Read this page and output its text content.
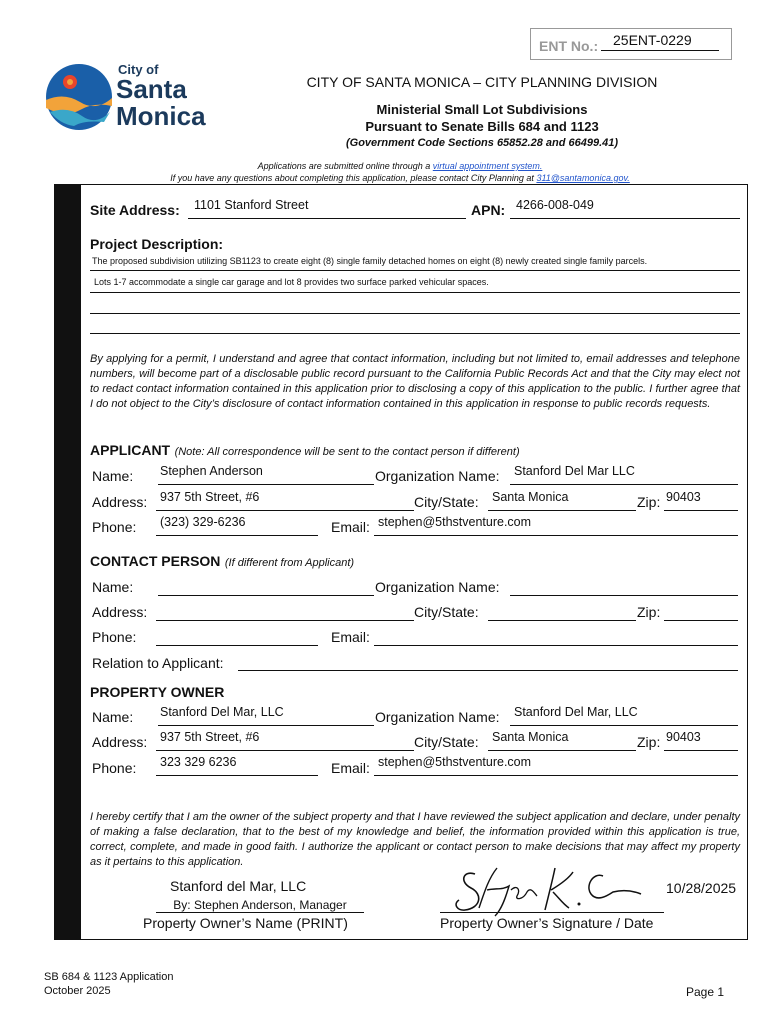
ENT No.: 25ENT-0229
City of
Santa
Monica
CITY OF SANTA MONICA – CITY PLANNING DIVISION
Ministerial Small Lot Subdivisions
Pursuant to Senate Bills 684 and 1123
(Government Code Sections 65852.28 and 66499.41)
Applications are submitted online through a virtual appointment system.
If you have any questions about completing this application, please contact City Planning at 311@santamonica.gov.
GENERAL INFORMATION
Site Address: 1101 Stanford Street	APN: 4266-008-049
Project Description:
The proposed subdivision utilizing SB1123 to create eight (8) single family detached homes on eight (8) newly created single family parcels.
Lots 1-7 accommodate a single car garage and lot 8 provides two surface parked vehicular spaces.
By applying for a permit, I understand and agree that contact information, including but not limited to, email addresses and telephone numbers, will become part of a disclosable public record pursuant to the California Public Records Act and that the City may elect not to redact contact information contained in this application prior to disclosing a copy of this application to the public. I further agree that I do not object to the City’s disclosure of contact information contained in this application in response to public records requests.
APPLICANT (Note: All correspondence will be sent to the contact person if different)
Name: Stephen Anderson	Organization Name: Stanford Del Mar LLC
Address: 937 5th Street, #6	City/State: Santa Monica	Zip: 90403
Phone: (323) 329-6236	Email: stephen@5thstventure.com
CONTACT PERSON (If different from Applicant)
Name:	Organization Name:
Address:	City/State:	Zip:
Phone:	Email:
Relation to Applicant:
PROPERTY OWNER
Name: Stanford Del Mar, LLC	Organization Name: Stanford Del Mar, LLC
Address: 937 5th Street, #6	City/State: Santa Monica	Zip: 90403
Phone: 323 329 6236	Email: stephen@5thstventure.com
I hereby certify that I am the owner of the subject property and that I have reviewed the subject application and declare, under penalty of making a false declaration, that to the best of my knowledge and belief, the information provided within this application is true, correct, complete, and made in good faith. I authorize the applicant or contact person to make decisions that may affect my property as it pertains to this application.
Stanford del Mar, LLC
By: Stephen Anderson, Manager
Property Owner’s Name (PRINT)
10/28/2025
Property Owner’s Signature / Date
SB 684 & 1123 Application
October 2025	Page 1
